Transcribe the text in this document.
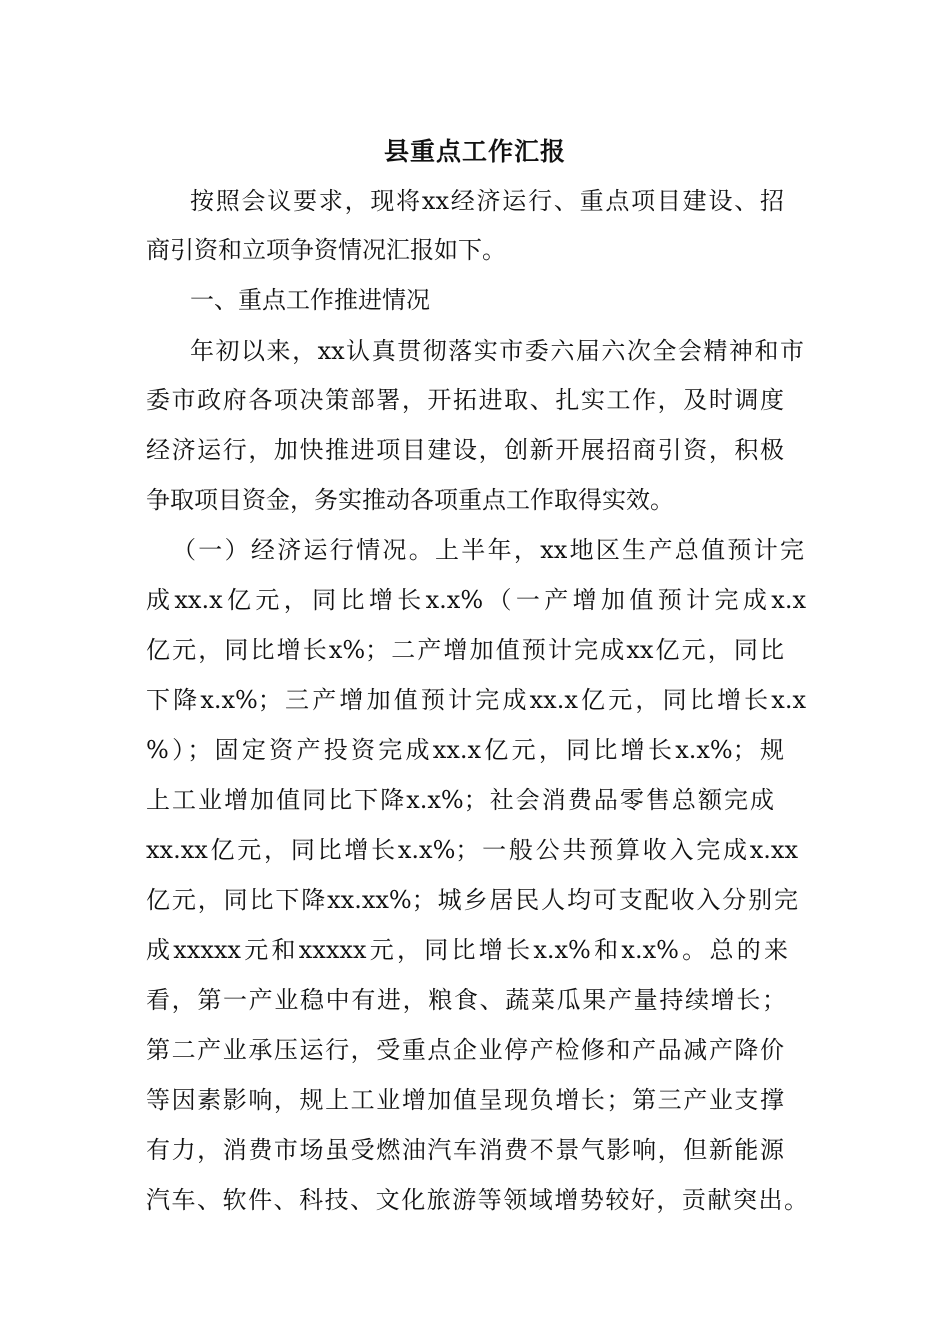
县重点工作汇报
按照会议要求，现将xx经济运行、重点项目建设、招
商引资和立项争资情况汇报如下。
一、重点工作推进情况
年初以来，xx认真贯彻落实市委六届六次全会精神和市
委市政府各项决策部署，开拓进取、扎实工作，及时调度
经济运行，加快推进项目建设，创新开展招商引资，积极
争取项目资金，务实推动各项重点工作取得实效。
（一）经济运行情况。上半年，xx地区生产总值预计完
成xx.x亿元，同比增长x.x%（一产增加值预计完成x.x
亿元，同比增长x%；二产增加值预计完成xx亿元，同比
下降x.x%；三产增加值预计完成xx.x亿元，同比增长x.x
%）；固定资产投资完成xx.x亿元，同比增长x.x%；规
上工业增加值同比下降x.x%；社会消费品零售总额完成
xx.xx亿元，同比增长x.x%；一般公共预算收入完成x.xx
亿元，同比下降xx.xx%；城乡居民人均可支配收入分别完
成xxxxx元和xxxxx元，同比增长x.x%和x.x%。总的来
看，第一产业稳中有进，粮食、蔬菜瓜果产量持续增长；
第二产业承压运行，受重点企业停产检修和产品减产降价
等因素影响，规上工业增加值呈现负增长；第三产业支撑
有力，消费市场虽受燃油汽车消费不景气影响，但新能源
汽车、软件、科技、文化旅游等领域增势较好，贡献突出。
